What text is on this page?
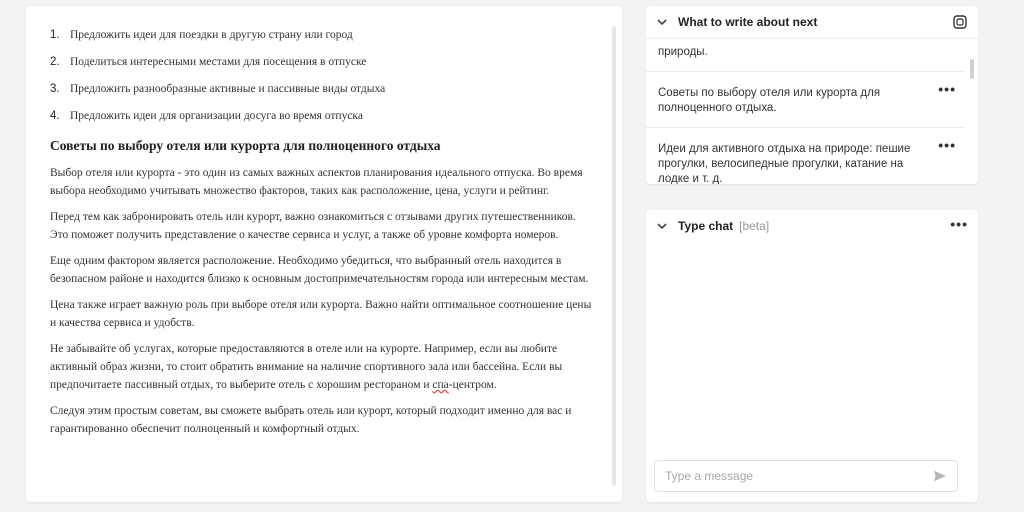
1. Предложить идеи для поездки в другую страну или город
2. Поделиться интересными местами для посещения в отпуске
3. Предложить разнообразные активные и пассивные виды отдыха
4. Предложить идеи для организации досуга во время отпуска
Советы по выбору отеля или курорта для полноценного отдыха

Выбор отеля или курорта - это один из самых важных аспектов планирования идеального отпуска. Во время выбора необходимо учитывать множество факторов, таких как расположение, цена, услуги и рейтинг.

Перед тем как забронировать отель или курорт, важно ознакомиться с отзывами других путешественников. Это поможет получить представление о качестве сервиса и услуг, а также об уровне комфорта номеров.

Еще одним фактором является расположение. Необходимо убедиться, что выбранный отель находится в безопасном районе и находится близко к основным достопримечательностям города или интересным местам.

Цена также играет важную роль при выборе отеля или курорта. Важно найти оптимальное соотношение цены и качества сервиса и удобств.

Не забывайте об услугах, которые предоставляются в отеле или на курорте. Например, если вы любите активный образ жизни, то стоит обратить внимание на наличие спортивного зала или бассейна. Если вы предпочитаете пассивный отдых, то выберите отель с хорошим рестораном и спа-центром.

Следуя этим простым советам, вы сможете выбрать отель или курорт, который подходит именно для вас и гарантированно обеспечит полноценный и комфортный отдых.

What to write about next
природы.
Советы по выбору отеля или курорта для полноценного отдыха.
•••
Идеи для активного отдыха на природе: пешие прогулки, велосипедные прогулки, катание на лодке и т. д.
•••
Type chat [beta]	•••
Type a message
